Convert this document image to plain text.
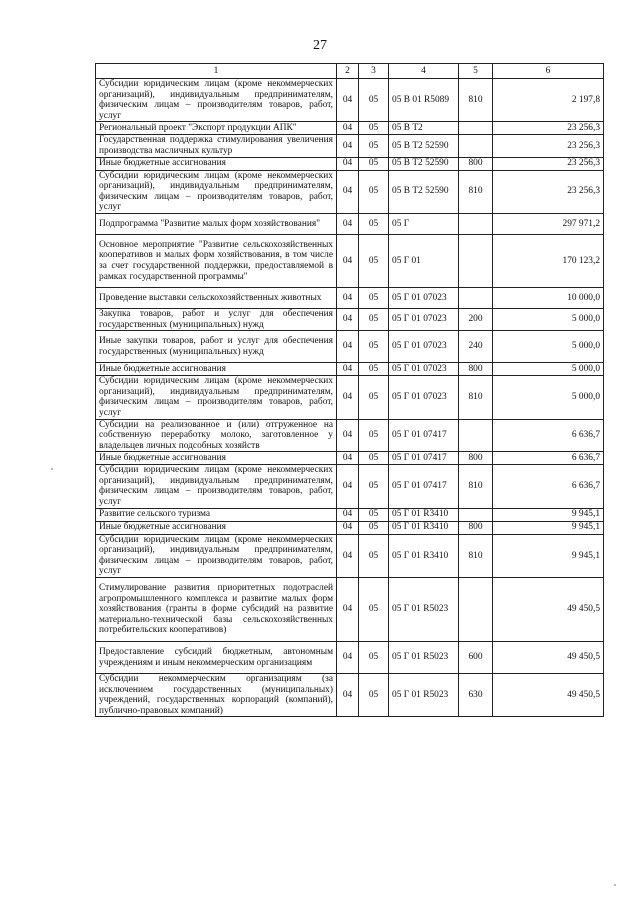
27
1	2	3	4	5	6
Субсидии юридическим лицам (кроме некоммерческих организаций), индивидуальным предпринимателям, физическим лицам – производителям товаров, работ, услуг	04	05	05 В 01 R5089	810	2 197,8
Региональный проект "Экспорт продукции АПК"	04	05	05 В Т2		23 256,3
Государственная поддержка стимулирования увеличения производства масличных культур	04	05	05 В Т2 52590		23 256,3
Иные бюджетные ассигнования	04	05	05 В Т2 52590	800	23 256,3
Субсидии юридическим лицам (кроме некоммерческих организаций), индивидуальным предпринимателям, физическим лицам – производителям товаров, работ, услуг	04	05	05 В Т2 52590	810	23 256,3
Подпрограмма "Развитие малых форм хозяйствования"	04	05	05 Г		297 971,2
Основное мероприятие "Развитие сельскохозяйственных кооперативов и малых форм хозяйствования, в том числе за счет государственной поддержки, предоставляемой в рамках государственной программы"	04	05	05 Г 01		170 123,2
Проведение выставки сельскохозяйственных животных	04	05	05 Г 01 07023		10 000,0
Закупка товаров, работ и услуг для обеспечения государственных (муниципальных) нужд	04	05	05 Г 01 07023	200	5 000,0
Иные закупки товаров, работ и услуг для обеспечения государственных (муниципальных) нужд	04	05	05 Г 01 07023	240	5 000,0
Иные бюджетные ассигнования	04	05	05 Г 01 07023	800	5 000,0
Субсидии юридическим лицам (кроме некоммерческих организаций), индивидуальным предпринимателям, физическим лицам – производителям товаров, работ, услуг	04	05	05 Г 01 07023	810	5 000,0
Субсидии на реализованное и (или) отгруженное на собственную переработку молоко, заготовленное у владельцев личных подсобных хозяйств	04	05	05 Г 01 07417		6 636,7
Иные бюджетные ассигнования	04	05	05 Г 01 07417	800	6 636,7
Субсидии юридическим лицам (кроме некоммерческих организаций), индивидуальным предпринимателям, физическим лицам – производителям товаров, работ, услуг	04	05	05 Г 01 07417	810	6 636,7
Развитие сельского туризма	04	05	05 Г 01 R3410		9 945,1
Иные бюджетные ассигнования	04	05	05 Г 01 R3410	800	9 945,1
Субсидии юридическим лицам (кроме некоммерческих организаций), индивидуальным предпринимателям, физическим лицам – производителям товаров, работ, услуг	04	05	05 Г 01 R3410	810	9 945,1
Стимулирование развития приоритетных подотраслей агропромышленного комплекса и развитие малых форм хозяйствования (гранты в форме субсидий на развитие материально-технической базы сельскохозяйственных потребительских кооперативов)	04	05	05 Г 01 R5023		49 450,5
Предоставление субсидий бюджетным, автономным учреждениям и иным некоммерческим организациям	04	05	05 Г 01 R5023	600	49 450,5
Субсидии некоммерческим организациям (за исключением государственных (муниципальных) учреждений, государственных корпораций (компаний), публично-правовых компаний)	04	05	05 Г 01 R5023	630	49 450,5
